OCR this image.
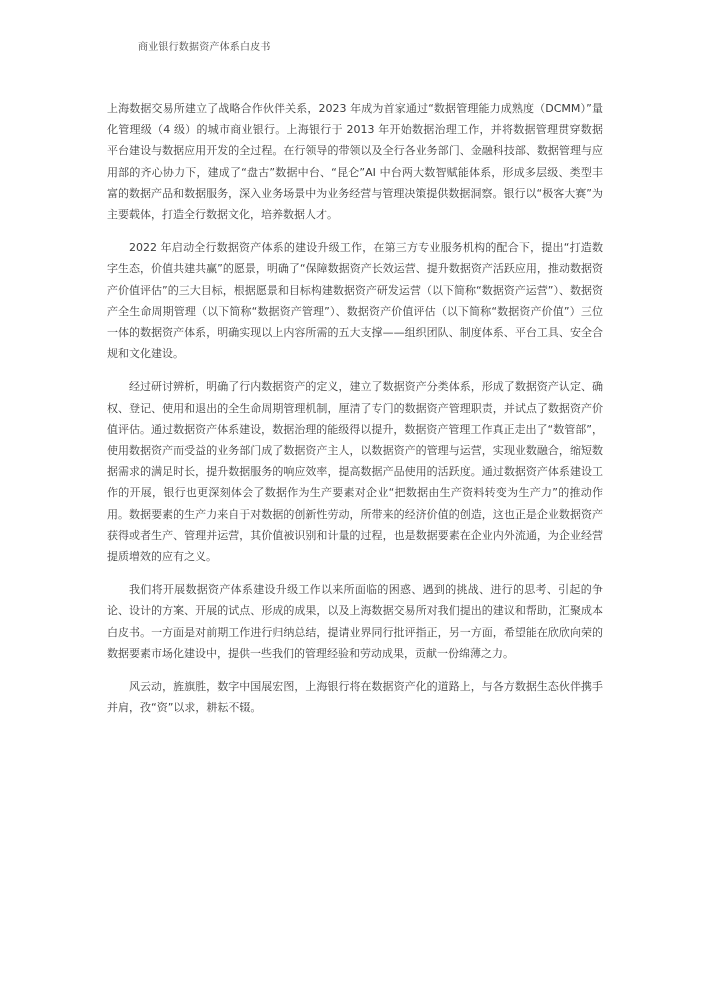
商业银行数据资产体系白皮书

上海数据交易所建立了战略合作伙伴关系，2023 年成为首家通过“数据管理能力成熟度（DCMM）”量化管理级（4 级）的城市商业银行。上海银行于 2013 年开始数据治理工作，并将数据管理贯穿数据平台建设与数据应用开发的全过程。在行领导的带领以及全行各业务部门、金融科技部、数据管理与应用部的齐心协力下，建成了“盘古”数据中台、“昆仑”AI 中台两大数智赋能体系，形成多层级、类型丰富的数据产品和数据服务，深入业务场景中为业务经营与管理决策提供数据洞察。银行以“极客大赛”为主要载体，打造全行数据文化，培养数据人才。

2022 年启动全行数据资产体系的建设升级工作，在第三方专业服务机构的配合下，提出“打造数字生态，价值共建共赢”的愿景，明确了“保障数据资产长效运营、提升数据资产活跃应用，推动数据资产价值评估”的三大目标，根据愿景和目标构建数据资产研发运营（以下简称“数据资产运营”）、数据资产全生命周期管理（以下简称“数据资产管理”）、数据资产价值评估（以下简称“数据资产价值”）三位一体的数据资产体系，明确实现以上内容所需的五大支撑——组织团队、制度体系、平台工具、安全合规和文化建设。

经过研讨辨析，明确了行内数据资产的定义，建立了数据资产分类体系，形成了数据资产认定、确权、登记、使用和退出的全生命周期管理机制，厘清了专门的数据资产管理职责，并试点了数据资产价值评估。通过数据资产体系建设，数据治理的能级得以提升，数据资产管理工作真正走出了“数管部”，使用数据资产而受益的业务部门成了数据资产主人，以数据资产的管理与运营，实现业数融合，缩短数据需求的满足时长，提升数据服务的响应效率，提高数据产品使用的活跃度。通过数据资产体系建设工作的开展，银行也更深刻体会了数据作为生产要素对企业“把数据由生产资料转变为生产力”的推动作用。数据要素的生产力来自于对数据的创新性劳动，所带来的经济价值的创造，这也正是企业数据资产获得或者生产、管理并运营，其价值被识别和计量的过程，也是数据要素在企业内外流通，为企业经营提质增效的应有之义。

我们将开展数据资产体系建设升级工作以来所面临的困惑、遇到的挑战、进行的思考、引起的争论、设计的方案、开展的试点、形成的成果，以及上海数据交易所对我们提出的建议和帮助，汇聚成本白皮书。一方面是对前期工作进行归纳总结，提请业界同行批评指正，另一方面，希望能在欣欣向荣的数据要素市场化建设中，提供一些我们的管理经验和劳动成果，贡献一份绵薄之力。

风云动，旌旗胜，数字中国展宏图，上海银行将在数据资产化的道路上，与各方数据生态伙伴携手并肩，孜“资”以求，耕耘不辍。
